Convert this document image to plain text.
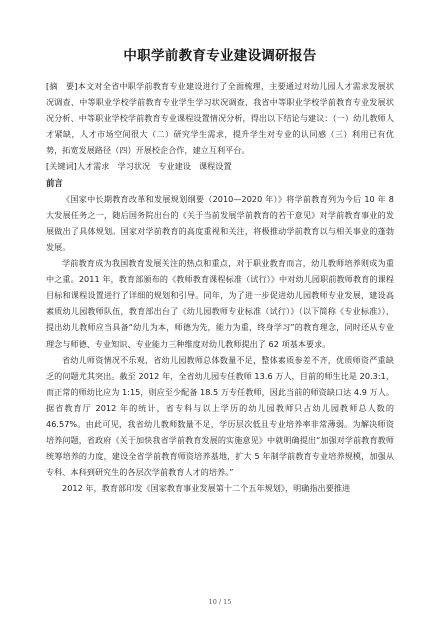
中职学前教育专业建设调研报告

[摘　要]本文对全省中职学前教育专业建设进行了全面梳理，主要通过对幼儿园人才需求发展状况调查、中等职业学校学前教育专业学生学习状况调查，我省中等职业学校学前教育专业发展状况分析、中等职业学校学前教育专业课程设置情况分析，得出以下结论与建议：（一）幼儿教师人才紧缺，人才市场空间很大（二）研究学生需求，提升学生对专业的认同感（三）利用已有优势，拓宽发展路径（四）开展校企合作，建立互利平台。

[关键词]人才需求　学习状况　专业建设　课程设置

前言

《国家中长期教育改革和发展规划纲要（2010—2020 年）》将学前教育列为今后 10 年 8 大发展任务之一，随后国务院出台的《关于当前发展学前教育的若干意见》对学前教育事业的发展做出了具体规划。国家对学前教育的高度重视和关注，将极推动学前教育以与相关事业的蓬勃发展。

学前教育成为我国教育发展关注的热点和重点，对于职业教育而言，幼儿教师培养则成为重中之重。2011 年，教育部颁布的《教师教育课程标准（试行）》中对幼儿园职前教师教育的课程目标和课程设置进行了详细的规划和引导。同年，为了进一步促进幼儿园教师专业发展，建设高素质幼儿园教师队伍，教育部出台了《幼儿园教师专业标准（试行）》（以下简称《专业标准》），提出幼儿教师应当具备“幼儿为本，师德为先，能力为重，终身学习”的教育理念，同时还从专业理念与师德、专业知识、专业能力三种维度对幼儿教师提出了 62 项基本要求。

省幼儿师资情况不乐观，省幼儿园教师总体数量不足，整体素质参差不齐，优质师资严重缺乏的问题尤其突出。截至 2012 年，全省幼儿园专任教师 13.6 万人，目前的师生比是 20.3:1，而正常的师幼比应为 1:15，则应至少配备 18.5 万专任教师，因此当前的师资缺口达 4.9 万人。据省教育厅 2012 年的统计，省专科与以上学历的幼儿园教师只占幼儿园教师总人数的 46.57%。由此可见，我省幼儿教师数量不足，学历层次低且专业培养率非常薄弱。为解决师资培养问题，省政府《关于加快我省学前教育发展的实施意见》中就明确提出“加强对学前教育教师统筹培养的力度，建设全省学前教育师资培养基地，扩大 5 年制学前教育专业培养规模，加强从专科、本科到研究生的各层次学前教育人才的培养。”

2012 年，教育部印发《国家教育事业发展第十二个五年规划》，明确指出要推进

10 / 15
